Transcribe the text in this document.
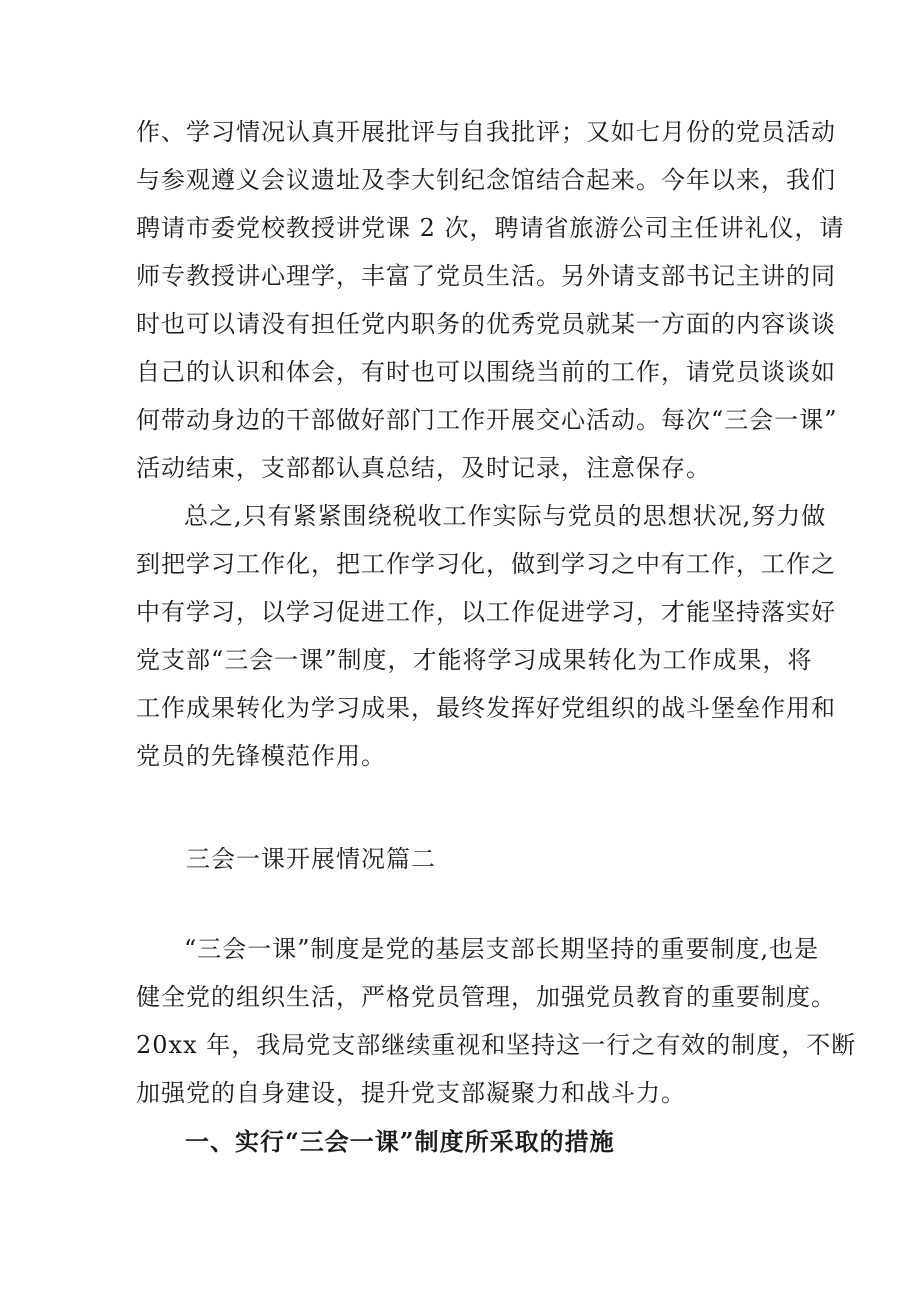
作、学习情况认真开展批评与自我批评；又如七月份的党员活动
与参观遵义会议遗址及李大钊纪念馆结合起来。今年以来，我们
聘请市委党校教授讲党课 2 次，聘请省旅游公司主任讲礼仪，请
师专教授讲心理学，丰富了党员生活。另外请支部书记主讲的同
时也可以请没有担任党内职务的优秀党员就某一方面的内容谈谈
自己的认识和体会，有时也可以围绕当前的工作，请党员谈谈如
何带动身边的干部做好部门工作开展交心活动。每次“三会一课”
活动结束，支部都认真总结，及时记录，注意保存。
总之,只有紧紧围绕税收工作实际与党员的思想状况,努力做
到把学习工作化，把工作学习化，做到学习之中有工作，工作之
中有学习，以学习促进工作，以工作促进学习，才能坚持落实好
党支部“三会一课”制度，才能将学习成果转化为工作成果，将
工作成果转化为学习成果，最终发挥好党组织的战斗堡垒作用和
党员的先锋模范作用。
三会一课开展情况篇二
“三会一课”制度是党的基层支部长期坚持的重要制度,也是
健全党的组织生活，严格党员管理，加强党员教育的重要制度。
20xx 年，我局党支部继续重视和坚持这一行之有效的制度，不断
加强党的自身建设，提升党支部凝聚力和战斗力。
一、实行“三会一课”制度所采取的措施
